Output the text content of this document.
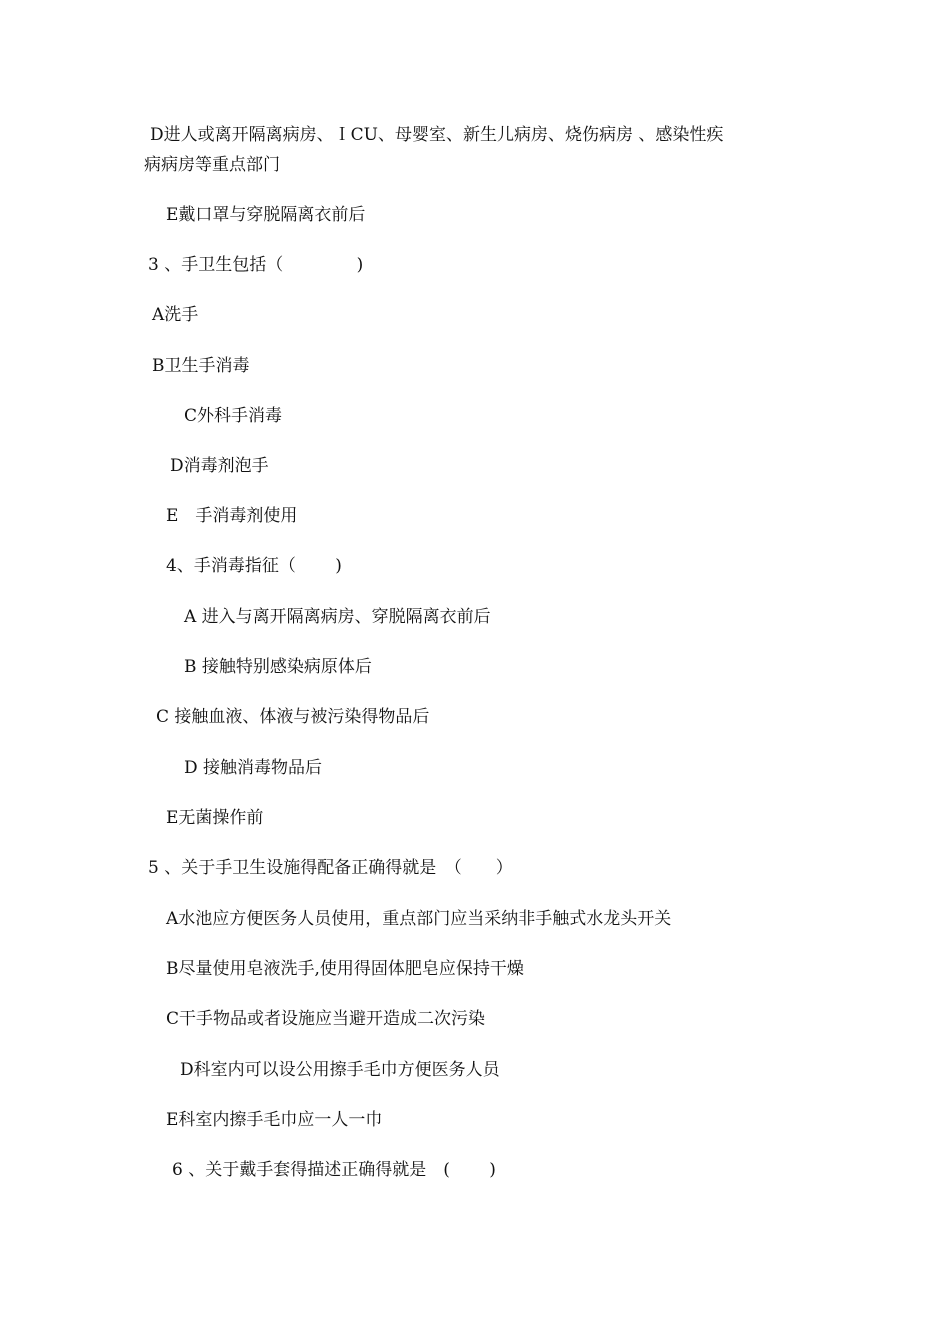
D进人或离开隔离病房、ＩCU、母婴室、新生儿病房、烧伤病房 、感染性疾
病病房等重点部门
E戴口罩与穿脱隔离衣前后
3 、手卫生包括（　　　　 )
A洗手
B卫生手消毒
C外科手消毒
D消毒剂泡手
E　手消毒剂使用
4、手消毒指征（　　 )
A 进入与离开隔离病房、穿脱隔离衣前后
B 接触特别感染病原体后
C 接触血液、体液与被污染得物品后
D 接触消毒物品后
E无菌操作前
5 、关于手卫生设施得配备正确得就是　（　　）
A水池应方便医务人员使用，重点部门应当采纳非手触式水龙头开关
B尽量使用皂液洗手,使用得固体肥皂应保持干燥
C干手物品或者设施应当避开造成二次污染
D科室内可以设公用擦手毛巾方便医务人员
E科室内擦手毛巾应一人一巾
6 、关于戴手套得描述正确得就是　(　　 )
